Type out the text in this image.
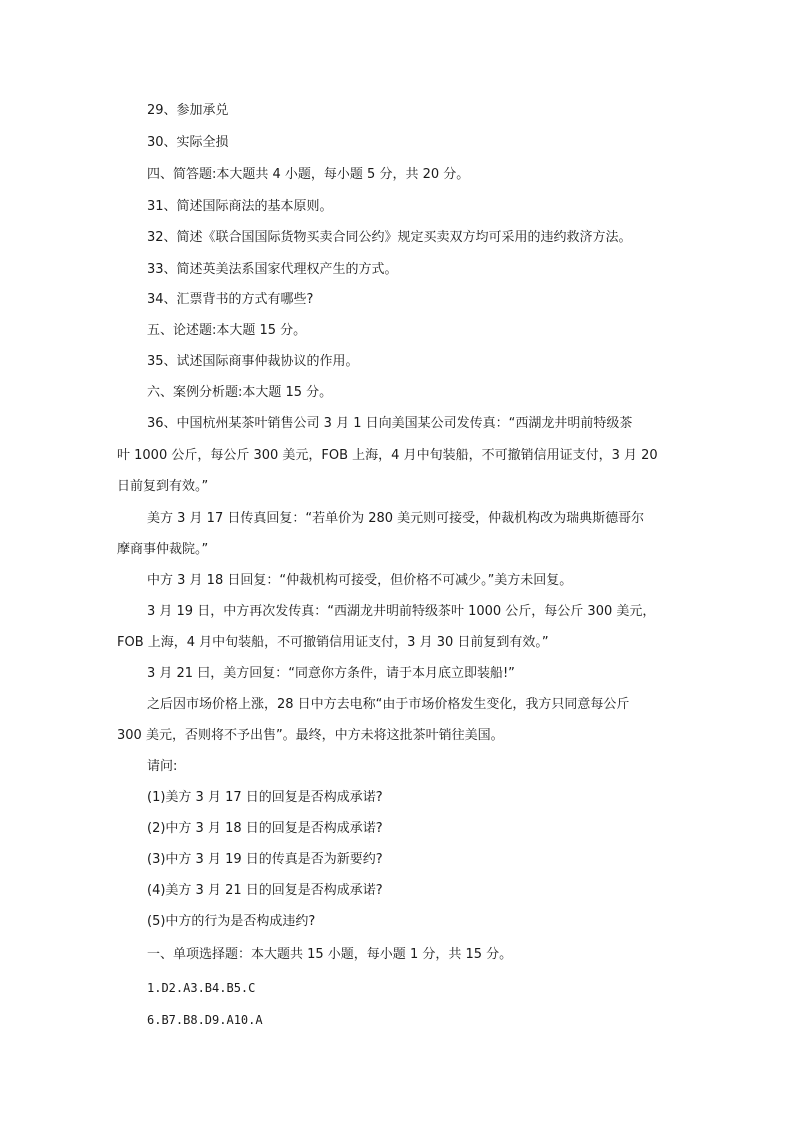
29、参加承兑
30、实际全损
四、简答题:本大题共 4 小题，每小题 5 分，共 20 分。
31、简述国际商法的基本原则。
32、简述《联合国国际货物买卖合同公约》规定买卖双方均可采用的违约救济方法。
33、简述英美法系国家代理权产生的方式。
34、汇票背书的方式有哪些?
五、论述题:本大题 15 分。
35、试述国际商事仲裁协议的作用。
六、案例分析题:本大题 15 分。
36、中国杭州某茶叶销售公司 3 月 1 日向美国某公司发传真：“西湖龙井明前特级茶
叶 1000 公斤，每公斤 300 美元，FOB 上海，4 月中旬装船，不可撤销信用证支付，3 月 20
日前复到有效。”
美方 3 月 17 日传真回复：“若单价为 280 美元则可接受，仲裁机构改为瑞典斯德哥尔
摩商事仲裁院。”
中方 3 月 18 日回复：“仲裁机构可接受，但价格不可减少。”美方未回复。
3 月 19 日，中方再次发传真：“西湖龙井明前特级茶叶 1000 公斤，每公斤 300 美元，
FOB 上海，4 月中旬装船，不可撤销信用证支付，3 月 30 日前复到有效。”
3 月 21 曰，美方回复：“同意你方条件，请于本月底立即装船!”
之后因市场价格上涨，28 日中方去电称“由于市场价格发生变化，我方只同意每公斤
300 美元，否则将不予出售”。最终，中方未将这批茶叶销往美国。
请问:
(1)美方 3 月 17 日的回复是否构成承诺?
(2)中方 3 月 18 日的回复是否构成承诺?
(3)中方 3 月 19 日的传真是否为新要约?
(4)美方 3 月 21 日的回复是否构成承诺?
(5)中方的行为是否构成违约?
一、单项选择题：本大题共 15 小题，每小题 1 分，共 15 分。
1.D2.A3.B4.B5.C
6.B7.B8.D9.A10.A
